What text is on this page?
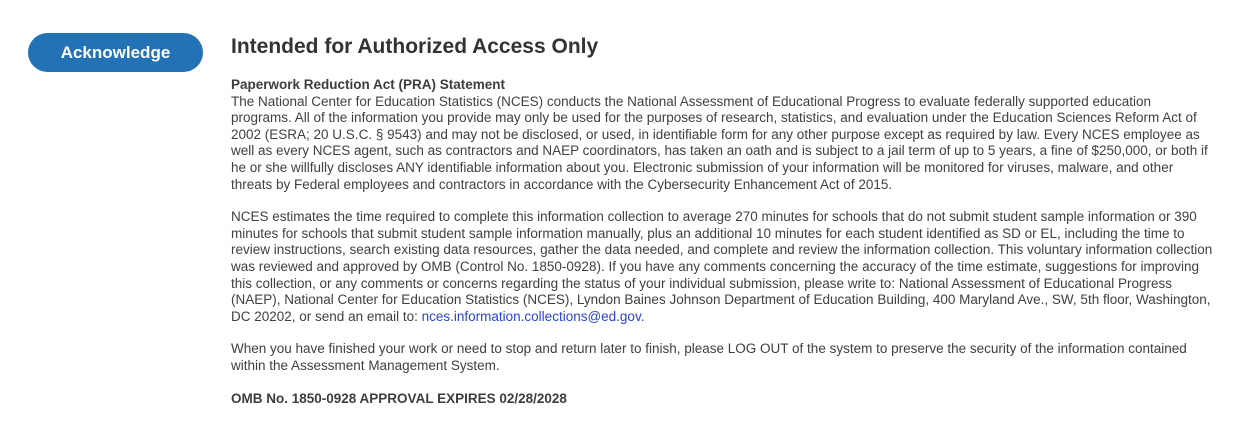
Acknowledge	Intended for Authorized Access Only
Paperwork Reduction Act (PRA) Statement

The National Center for Education Statistics (NCES) conducts the National Assessment of Educational Progress to evaluate federally supported education programs. All of the information you provide may only be used for the purposes of research, statistics, and evaluation under the Education Sciences Reform Act of 2002 (ESRA; 20 U.S.C. § 9543) and may not be disclosed, or used, in identifiable form for any other purpose except as required by law. Every NCES employee as well as every NCES agent, such as contractors and NAEP coordinators, has taken an oath and is subject to a jail term of up to 5 years, a fine of $250,000, or both if he or she willfully discloses ANY identifiable information about you. Electronic submission of your information will be monitored for viruses, malware, and other threats by Federal employees and contractors in accordance with the Cybersecurity Enhancement Act of 2015.

NCES estimates the time required to complete this information collection to average 270 minutes for schools that do not submit student sample information or 390 minutes for schools that submit student sample information manually, plus an additional 10 minutes for each student identified as SD or EL, including the time to review instructions, search existing data resources, gather the data needed, and complete and review the information collection. This voluntary information collection was reviewed and approved by OMB (Control No. 1850-0928). If you have any comments concerning the accuracy of the time estimate, suggestions for improving this collection, or any comments or concerns regarding the status of your individual submission, please write to: National Assessment of Educational Progress (NAEP), National Center for Education Statistics (NCES), Lyndon Baines Johnson Department of Education Building, 400 Maryland Ave., SW, 5th floor, Washington, DC 20202, or send an email to: nces.information.collections@ed.gov.

When you have finished your work or need to stop and return later to finish, please LOG OUT of the system to preserve the security of the information contained within the Assessment Management System.

OMB No. 1850-0928 APPROVAL EXPIRES 02/28/2028
